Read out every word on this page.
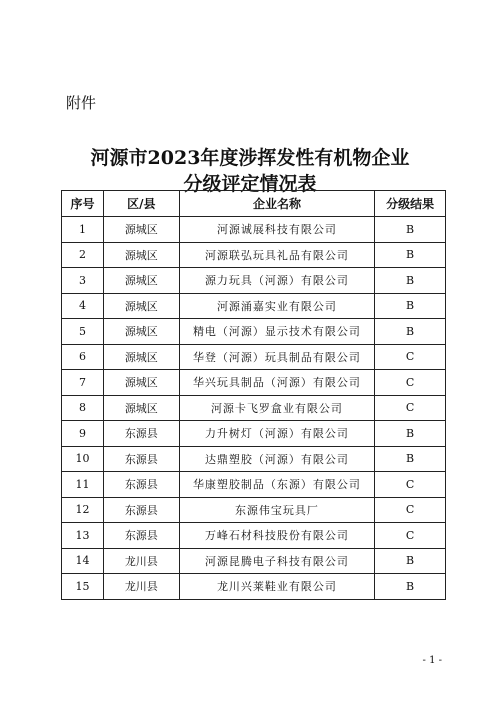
附件
河源市2023年度涉挥发性有机物企业
分级评定情况表
序号	区/县	企业名称	分级结果
1	源城区	河源诚展科技有限公司	B
2	源城区	河源联弘玩具礼品有限公司	B
3	源城区	源力玩具（河源）有限公司	B
4	源城区	河源涌嘉实业有限公司	B
5	源城区	精电（河源）显示技术有限公司	B
6	源城区	华登（河源）玩具制品有限公司	C
7	源城区	华兴玩具制品（河源）有限公司	C
8	源城区	河源卡飞罗盒业有限公司	C
9	东源县	力升树灯（河源）有限公司	B
10	东源县	达鼎塑胶（河源）有限公司	B
11	东源县	华康塑胶制品（东源）有限公司	C
12	东源县	东源伟宝玩具厂	C
13	东源县	万峰石材科技股份有限公司	C
14	龙川县	河源昆腾电子科技有限公司	B
15	龙川县	龙川兴莱鞋业有限公司	B
- 1 -
